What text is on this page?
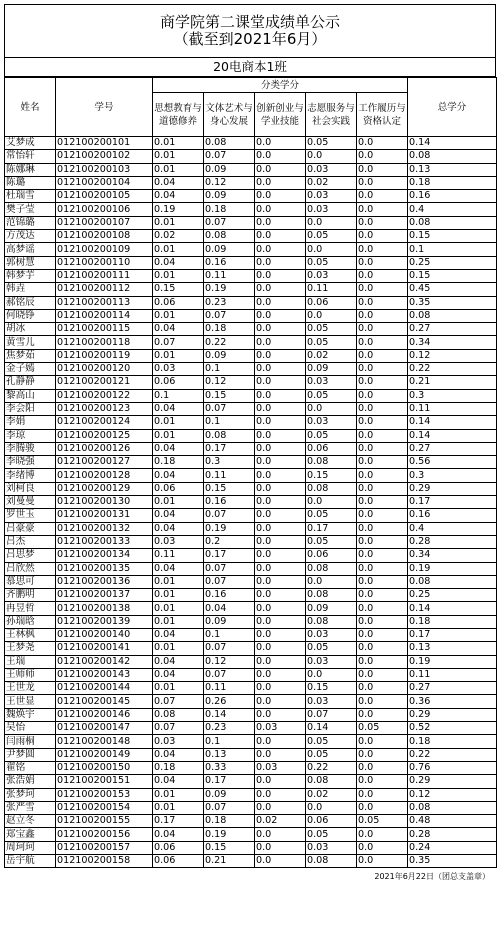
商学院第二课堂成绩单公示
（截至到2021年6月）
20电商本1班
姓名	学号	分类学分					总学分
		思想教育与道德修养	文体艺术与身心发展	创新创业与学业技能	志愿服务与社会实践	工作履历与资格认定	
艾梦成	012100200101	0.01	0.08	0.0	0.05	0.0	0.14
常怡轩	012100200102	0.01	0.07	0.0	0.0	0.0	0.08
陈娜琳	012100200103	0.01	0.09	0.0	0.03	0.0	0.13
陈璐	012100200104	0.04	0.12	0.0	0.02	0.0	0.18
杜瑞雪	012100200105	0.04	0.09	0.0	0.03	0.0	0.16
樊子莹	012100200106	0.19	0.18	0.0	0.03	0.0	0.4
范锦璐	012100200107	0.01	0.07	0.0	0.0	0.0	0.08
方茂达	012100200108	0.02	0.08	0.0	0.05	0.0	0.15
高梦谣	012100200109	0.01	0.09	0.0	0.0	0.0	0.1
郭树慧	012100200110	0.04	0.16	0.0	0.05	0.0	0.25
韩梦芋	012100200111	0.01	0.11	0.0	0.03	0.0	0.15
韩垚	012100200112	0.15	0.19	0.0	0.11	0.0	0.45
郝铭辰	012100200113	0.06	0.23	0.0	0.06	0.0	0.35
何晓铮	012100200114	0.01	0.07	0.0	0.0	0.0	0.08
胡冰	012100200115	0.04	0.18	0.0	0.05	0.0	0.27
黄雪儿	012100200118	0.07	0.22	0.0	0.05	0.0	0.34
焦梦茹	012100200119	0.01	0.09	0.0	0.02	0.0	0.12
金子嫣	012100200120	0.03	0.1	0.0	0.09	0.0	0.22
孔静静	012100200121	0.06	0.12	0.0	0.03	0.0	0.21
黎高山	012100200122	0.1	0.15	0.0	0.05	0.0	0.3
李会阳	012100200123	0.04	0.07	0.0	0.0	0.0	0.11
李娟	012100200124	0.01	0.1	0.0	0.03	0.0	0.14
李琼	012100200125	0.01	0.08	0.0	0.05	0.0	0.14
李腾骏	012100200126	0.04	0.17	0.0	0.06	0.0	0.27
李晓强	012100200127	0.18	0.3	0.0	0.08	0.0	0.56
李绪博	012100200128	0.04	0.11	0.0	0.15	0.0	0.3
刘柯良	012100200129	0.06	0.15	0.0	0.08	0.0	0.29
刘曼曼	012100200130	0.01	0.16	0.0	0.0	0.0	0.17
罗世玉	012100200131	0.04	0.07	0.0	0.05	0.0	0.16
吕豪豪	012100200132	0.04	0.19	0.0	0.17	0.0	0.4
吕杰	012100200133	0.03	0.2	0.0	0.05	0.0	0.28
吕思梦	012100200134	0.11	0.17	0.0	0.06	0.0	0.34
吕欣然	012100200135	0.04	0.07	0.0	0.08	0.0	0.19
慕思可	012100200136	0.01	0.07	0.0	0.0	0.0	0.08
齐鹏明	012100200137	0.01	0.16	0.0	0.08	0.0	0.25
冉昱哲	012100200138	0.01	0.04	0.0	0.09	0.0	0.14
孙瑞晗	012100200139	0.01	0.09	0.0	0.08	0.0	0.18
王林枫	012100200140	0.04	0.1	0.0	0.03	0.0	0.17
王梦尧	012100200141	0.01	0.07	0.0	0.05	0.0	0.13
王瑞	012100200142	0.04	0.12	0.0	0.03	0.0	0.19
王师师	012100200143	0.04	0.07	0.0	0.0	0.0	0.11
王世龙	012100200144	0.01	0.11	0.0	0.15	0.0	0.27
王世显	012100200145	0.07	0.26	0.0	0.03	0.0	0.36
魏焕宇	012100200146	0.08	0.14	0.0	0.07	0.0	0.29
吴怡	012100200147	0.07	0.23	0.03	0.14	0.05	0.52
闫雨桐	012100200148	0.03	0.1	0.0	0.05	0.0	0.18
尹梦圆	012100200149	0.04	0.13	0.0	0.05	0.0	0.22
翟铭	012100200150	0.18	0.33	0.03	0.22	0.0	0.76
张浩娟	012100200151	0.04	0.17	0.0	0.08	0.0	0.29
张梦珂	012100200153	0.01	0.09	0.0	0.02	0.0	0.12
张严雪	012100200154	0.01	0.07	0.0	0.0	0.0	0.08
赵立冬	012100200155	0.17	0.18	0.02	0.06	0.05	0.48
郑宝鑫	012100200156	0.04	0.19	0.0	0.05	0.0	0.28
周珂珂	012100200157	0.06	0.15	0.0	0.03	0.0	0.24
岳宇航	012100200158	0.06	0.21	0.0	0.08	0.0	0.35
2021年6月22日（团总支盖章）
